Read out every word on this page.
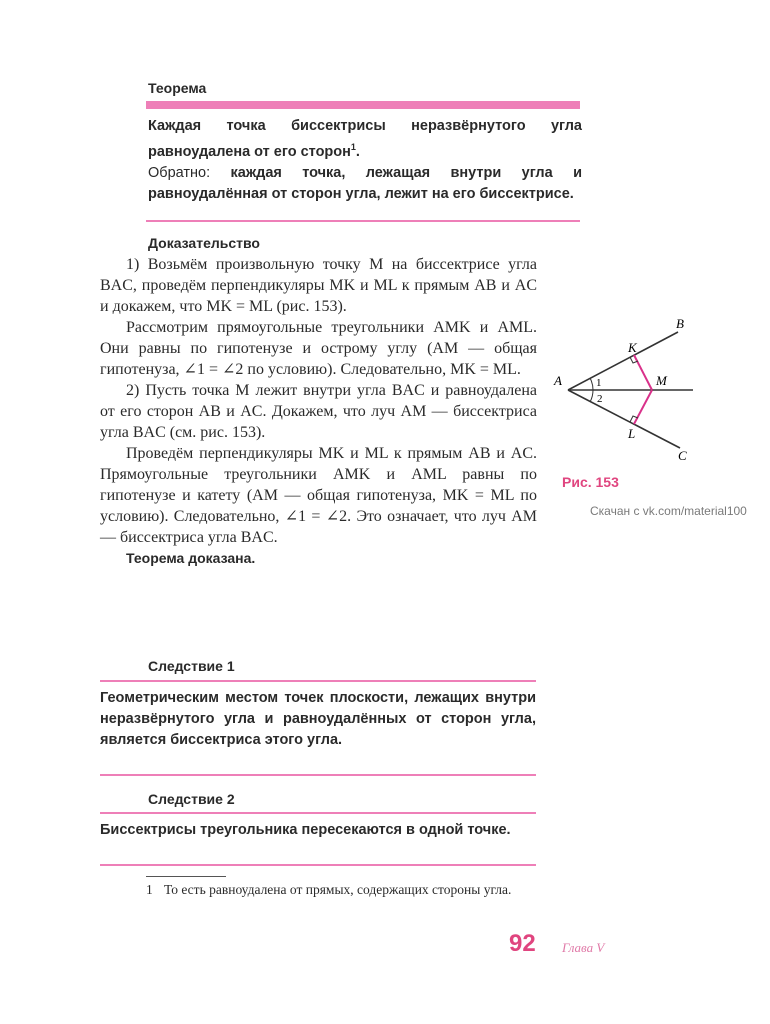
Теорема

Каждая точка биссектрисы неразвёрнутого угла равноудалена от его сторон$^1$.

Обратно: каждая точка, лежащая внутри угла и равноудалённая от сторон угла, лежит на его биссектрисе.

Доказательство

1) Возьмём произвольную точку M на биссектрисе угла BAC, проведём перпендикуляры MK и ML к прямым AB и AC и докажем, что MK = ML (рис. 153).

Рассмотрим прямоугольные треугольники AMK и AML. Они равны по гипотенузе и острому углу (AM — общая гипотенуза, ∠1 = ∠2 по условию). Следовательно, MK = ML.

2) Пусть точка M лежит внутри угла BAC и равноудалена от его сторон AB и AC. Докажем, что луч AM — биссектриса угла BAC (см. рис. 153).

Проведём перпендикуляры MK и ML к прямым AB и AC. Прямоугольные треугольники AMK и AML равны по гипотенузе и катету (AM — общая гипотенуза, MK = ML по условию). Следовательно, ∠1 = ∠2. Это означает, что луч AM — биссектриса угла BAC.

Теорема доказана.

Следствие 1
Геометрическим местом точек плоскости, лежащих внутри неразвёрнутого угла и равноудалённых от сторон угла, является биссектриса этого угла.
Следствие 2
Биссектрисы треугольника пересекаются в одной точке.
1 То есть равноудалена от прямых, содержащих стороны угла.
A
B
C
K
L
M
1
2
Рис. 153
Скачан с vk.com/material100
92 Глава V
